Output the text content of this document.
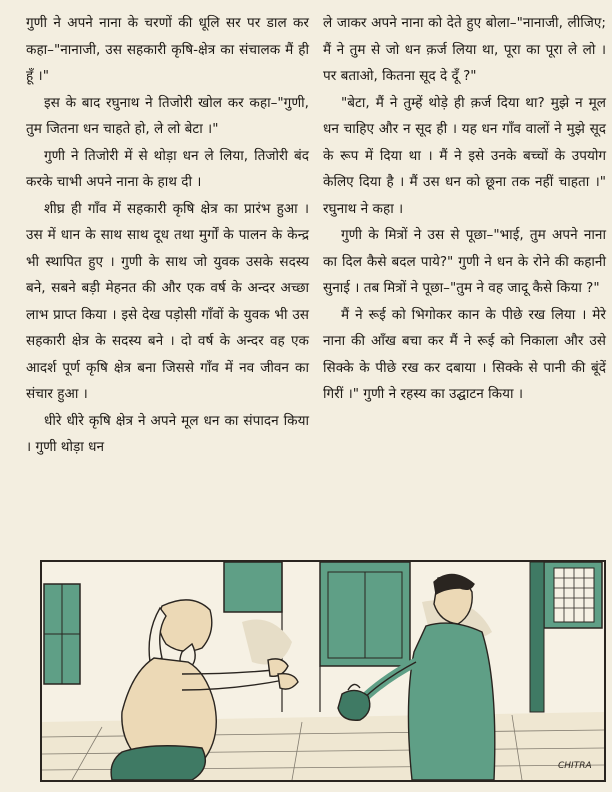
गुणी ने अपने नाना के चरणों की धूलि सर पर डाल कर कहा–"नानाजी, उस सहकारी कृषि-क्षेत्र का संचालक मैं ही हूँ ।"

इस के बाद रघुनाथ ने तिजोरी खोल कर कहा–"गुणी, तुम जितना धन चाहते हो, ले लो बेटा ।"

गुणी ने तिजोरी में से थोड़ा धन ले लिया, तिजोरी बंद करके चाभी अपने नाना के हाथ दी ।

शीघ्र ही गाँव में सहकारी कृषि क्षेत्र का प्रारंभ हुआ । उस में धान के साथ साथ दूध तथा मुर्गों के पालन के केन्द्र भी स्थापित हुए । गुणी के साथ जो युवक उसके सदस्य बने, सबने बड़ी मेहनत की और एक वर्ष के अन्दर अच्छा लाभ प्राप्त किया । इसे देख पड़ोसी गाँवों के युवक भी उस सहकारी क्षेत्र के सदस्य बने । दो वर्ष के अन्दर वह एक आदर्श पूर्ण कृषि क्षेत्र बना जिससे गाँव में नव जीवन का संचार हुआ ।

धीरे धीरे कृषि क्षेत्र ने अपने मूल धन का संपादन किया । गुणी थोड़ा धन

ले जाकर अपने नाना को देते हुए बोला–"नानाजी, लीजिए; मैं ने तुम से जो धन क़र्ज लिया था, पूरा का पूरा ले लो । पर बताओ, कितना सूद दे दूँ ?"

"बेटा, मैं ने तुम्हें थोड़े ही क़र्ज दिया था? मुझे न मूल धन चाहिए और न सूद ही । यह धन गाँव वालों ने मुझे सूद के रूप में दिया था । मैं ने इसे उनके बच्चों के उपयोग केलिए दिया है । मैं उस धन को छूना तक नहीं चाहता ।" रघुनाथ ने कहा ।

गुणी के मित्रों ने उस से पूछा–"भाई, तुम अपने नाना का दिल कैसे बदल पाये?" गुणी ने धन के रोने की कहानी सुनाई । तब मित्रों ने पूछा–"तुम ने वह जादू कैसे किया ?"

मैं ने रूई को भिगोकर कान के पीछे रख लिया । मेरे नाना की आँख बचा कर मैं ने रूई को निकाला और उसे सिक्के के पीछे रख कर दबाया । सिक्के से पानी की बूंदें गिरीं ।" गुणी ने रहस्य का उद्घाटन किया ।

CHITRA
